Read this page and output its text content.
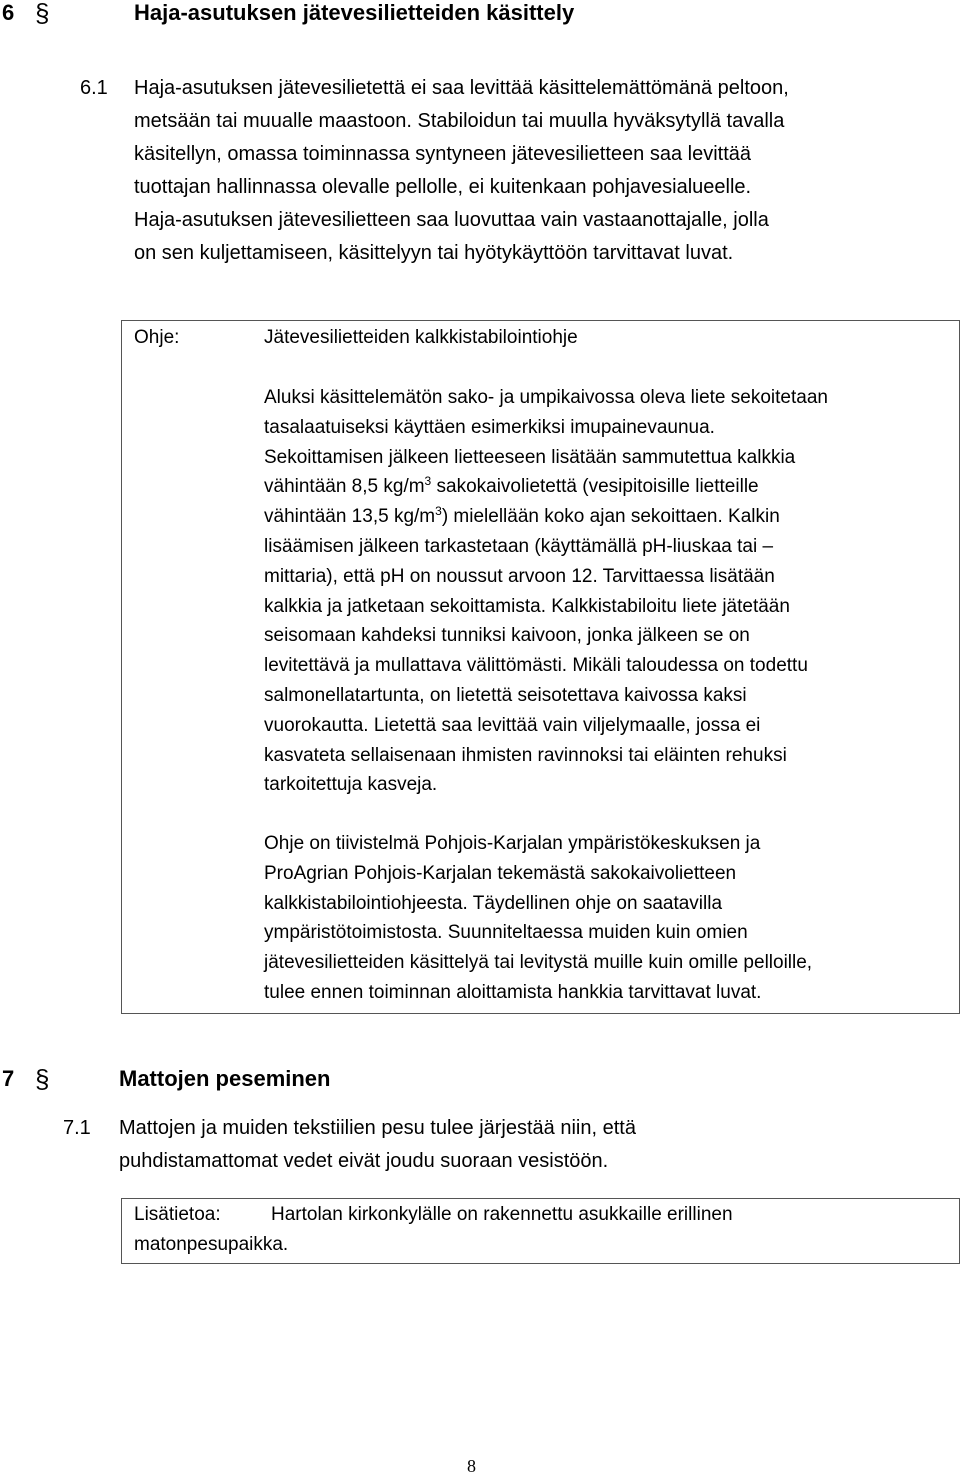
6 §	Haja-asutuksen jätevesilietteiden käsittely
6.1 Haja-asutuksen jätevesilietettä ei saa levittää käsittelemättömänä peltoon,
metsään tai muualle maastoon. Stabiloidun tai muulla hyväksytyllä tavalla
käsitellyn, omassa toiminnassa syntyneen jätevesilietteen saa levittää
tuottajan hallinnassa olevalle pellolle, ei kuitenkaan pohjavesialueelle.
Haja-asutuksen jätevesilietteen saa luovuttaa vain vastaanottajalle, jolla
on sen kuljettamiseen, käsittelyyn tai hyötykäyttöön tarvittavat luvat.
Ohje:	Jätevesilietteiden kalkkistabilointiohje
Aluksi käsittelemätön sako- ja umpikaivossa oleva liete sekoitetaan
tasalaatuiseksi käyttäen esimerkiksi imupainevaunua.
Sekoittamisen jälkeen lietteeseen lisätään sammutettua kalkkia
vähintään 8,5 $kg/m^3$ sakokaivolietettä (vesipitoisille lietteille
vähintään 13,5 $kg/m^3$) mielellään koko ajan sekoittaen. Kalkin
lisäämisen jälkeen tarkastetaan (käyttämällä pH-liuskaa tai –
mittaria), että pH on noussut arvoon 12. Tarvittaessa lisätään
kalkkia ja jatketaan sekoittamista. Kalkkistabiloitu liete jätetään
seisomaan kahdeksi tunniksi kaivoon, jonka jälkeen se on
levitettävä ja mullattava välittömästi. Mikäli taloudessa on todettu
salmonellatartunta, on lietettä seisotettava kaivossa kaksi
vuorokautta. Lietettä saa levittää vain viljelymaalle, jossa ei
kasvateta sellaisenaan ihmisten ravinnoksi tai eläinten rehuksi
tarkoitettuja kasveja.
Ohje on tiivistelmä Pohjois-Karjalan ympäristökeskuksen ja
ProAgrian Pohjois-Karjalan tekemästä sakokaivolietteen
kalkkistabilointiohjeesta. Täydellinen ohje on saatavilla
ympäristötoimistosta. Suunniteltaessa muiden kuin omien
jätevesilietteiden käsittelyä tai levitystä muille kuin omille pelloille,
tulee ennen toiminnan aloittamista hankkia tarvittavat luvat.
7 §	Mattojen peseminen
7.1 Mattojen ja muiden tekstiilien pesu tulee järjestää niin, että
puhdistamattomat vedet eivät joudu suoraan vesistöön.
Lisätietoa:	Hartolan kirkonkylälle on rakennettu asukkaille erillinen
matonpesupaikka.
8
